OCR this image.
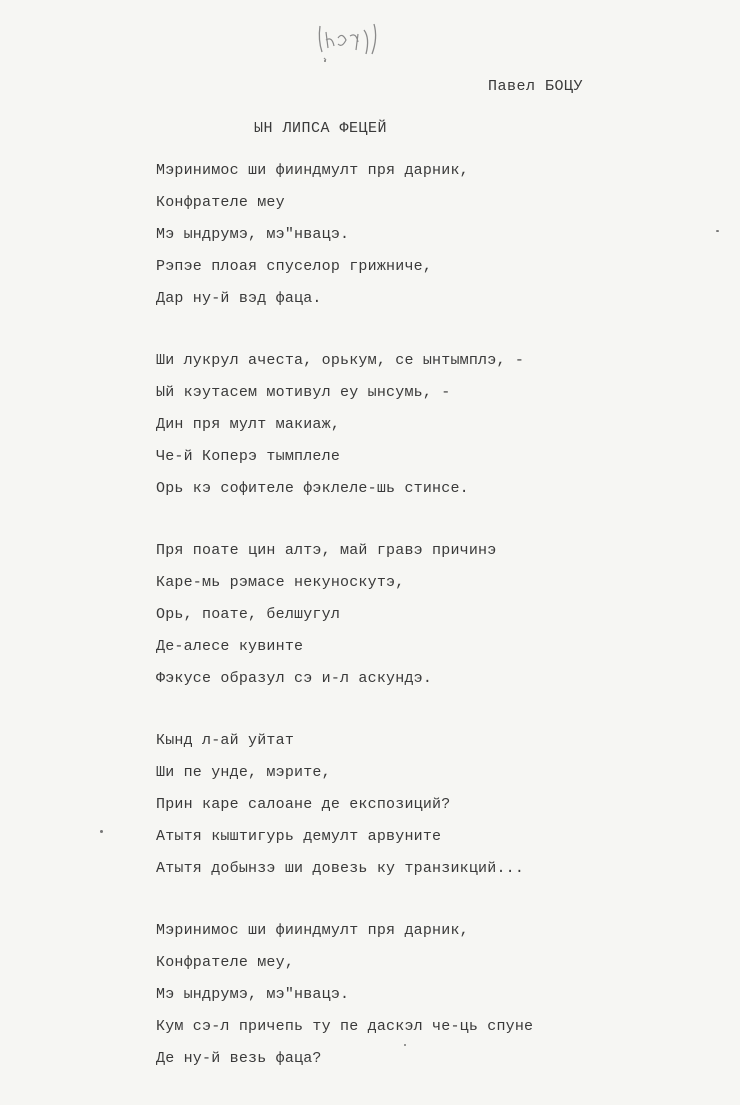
Павел БОЦУ
ЫН ЛИПСА ФЕЦЕЙ
Мэринимос ши фииндмулт пря дарник,
Конфрателе меу
Мэ ындрумэ, мэ"нвацэ.
Рэпэе плоая спуселор грижниче,
Дар ну-й вэд фаца.
Ши лукрул ачеста, орькум, се ынтымплэ, -
Ый кэутасем мотивул еу ынсумь, -
Дин пря мулт макиаж,
Че-й Коперэ тымплеле
Орь кэ софителе фэклеле-шь стинсе.
Пря поате цин алтэ, май гравэ причинэ
Каре-мь рэмасе некуноскутэ,
Орь, поате, белшугул
Де-алесе кувинте
Фэкусе образул сэ и-л аскундэ.
Кынд л-ай уйтат
Ши пе унде, мэрите,
Прин каре салоане де експозиций?
Атытя кыштигурь демулт арвуните
Атытя добынзэ ши довезь ку транзикций...
Мэринимос ши фииндмулт пря дарник,
Конфрателе меу,
Мэ ындрумэ, мэ"нвацэ.
Кум сэ-л причепь ту пе даскэл че-ць спуне
Де ну-й везь фаца?
